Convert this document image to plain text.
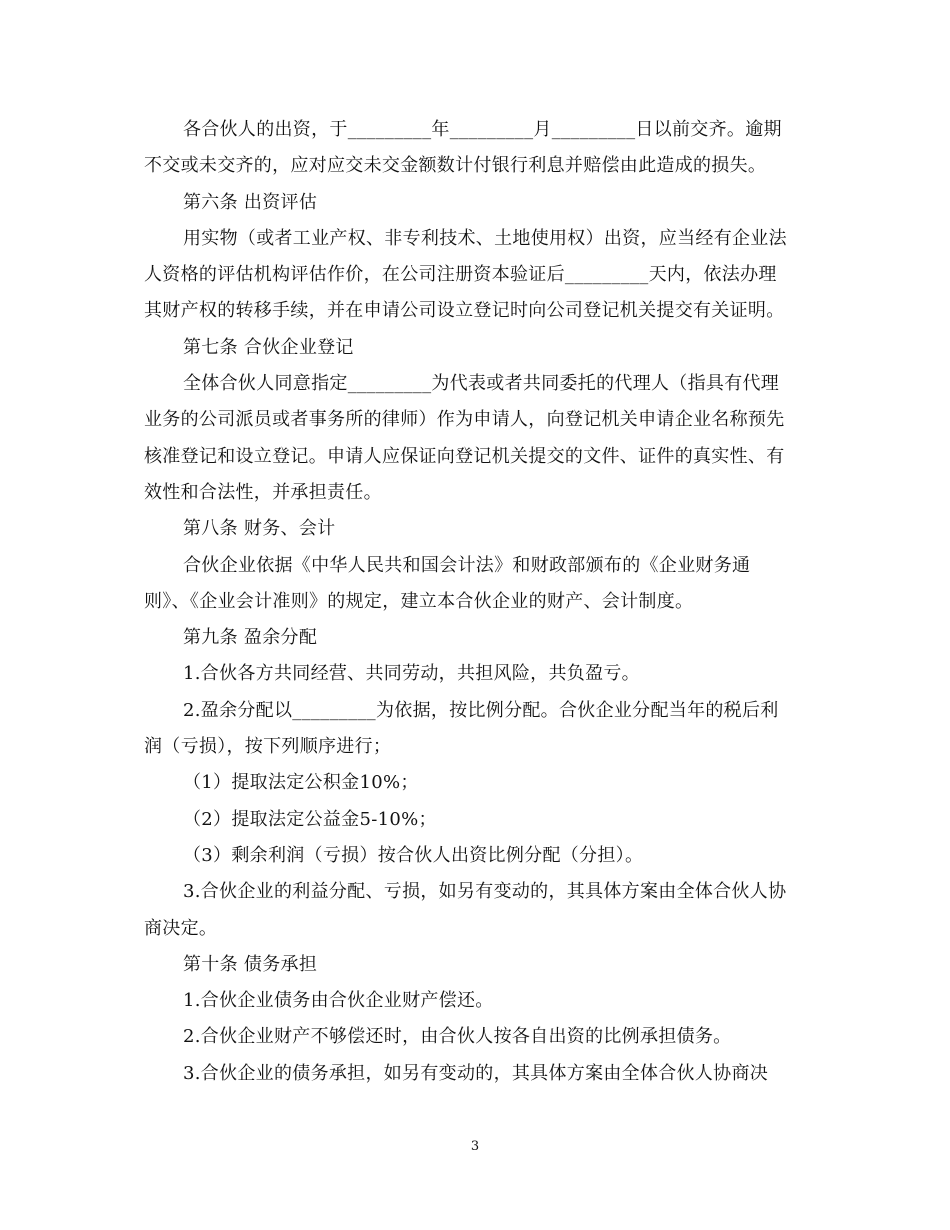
各合伙人的出资，于_________年_________月_________日以前交齐。逾期
不交或未交齐的，应对应交未交金额数计付银行利息并赔偿由此造成的损失。
第六条 出资评估
用实物（或者工业产权、非专利技术、土地使用权）出资，应当经有企业法
人资格的评估机构评估作价，在公司注册资本验证后_________天内，依法办理
其财产权的转移手续，并在申请公司设立登记时向公司登记机关提交有关证明。
第七条 合伙企业登记
全体合伙人同意指定_________为代表或者共同委托的代理人（指具有代理
业务的公司派员或者事务所的律师）作为申请人，向登记机关申请企业名称预先
核准登记和设立登记。申请人应保证向登记机关提交的文件、证件的真实性、有
效性和合法性，并承担责任。
第八条 财务、会计
合伙企业依据《中华人民共和国会计法》和财政部颁布的《企业财务通
则》、《企业会计准则》的规定，建立本合伙企业的财产、会计制度。
第九条 盈余分配
1.合伙各方共同经营、共同劳动，共担风险，共负盈亏。
2.盈余分配以_________为依据，按比例分配。合伙企业分配当年的税后利
润（亏损），按下列顺序进行；
（1）提取法定公积金10%；
（2）提取法定公益金5-10%；
（3）剩余利润（亏损）按合伙人出资比例分配（分担）。
3.合伙企业的利益分配、亏损，如另有变动的，其具体方案由全体合伙人协
商决定。
第十条 债务承担
1.合伙企业债务由合伙企业财产偿还。
2.合伙企业财产不够偿还时，由合伙人按各自出资的比例承担债务。
3.合伙企业的债务承担，如另有变动的，其具体方案由全体合伙人协商决
3
